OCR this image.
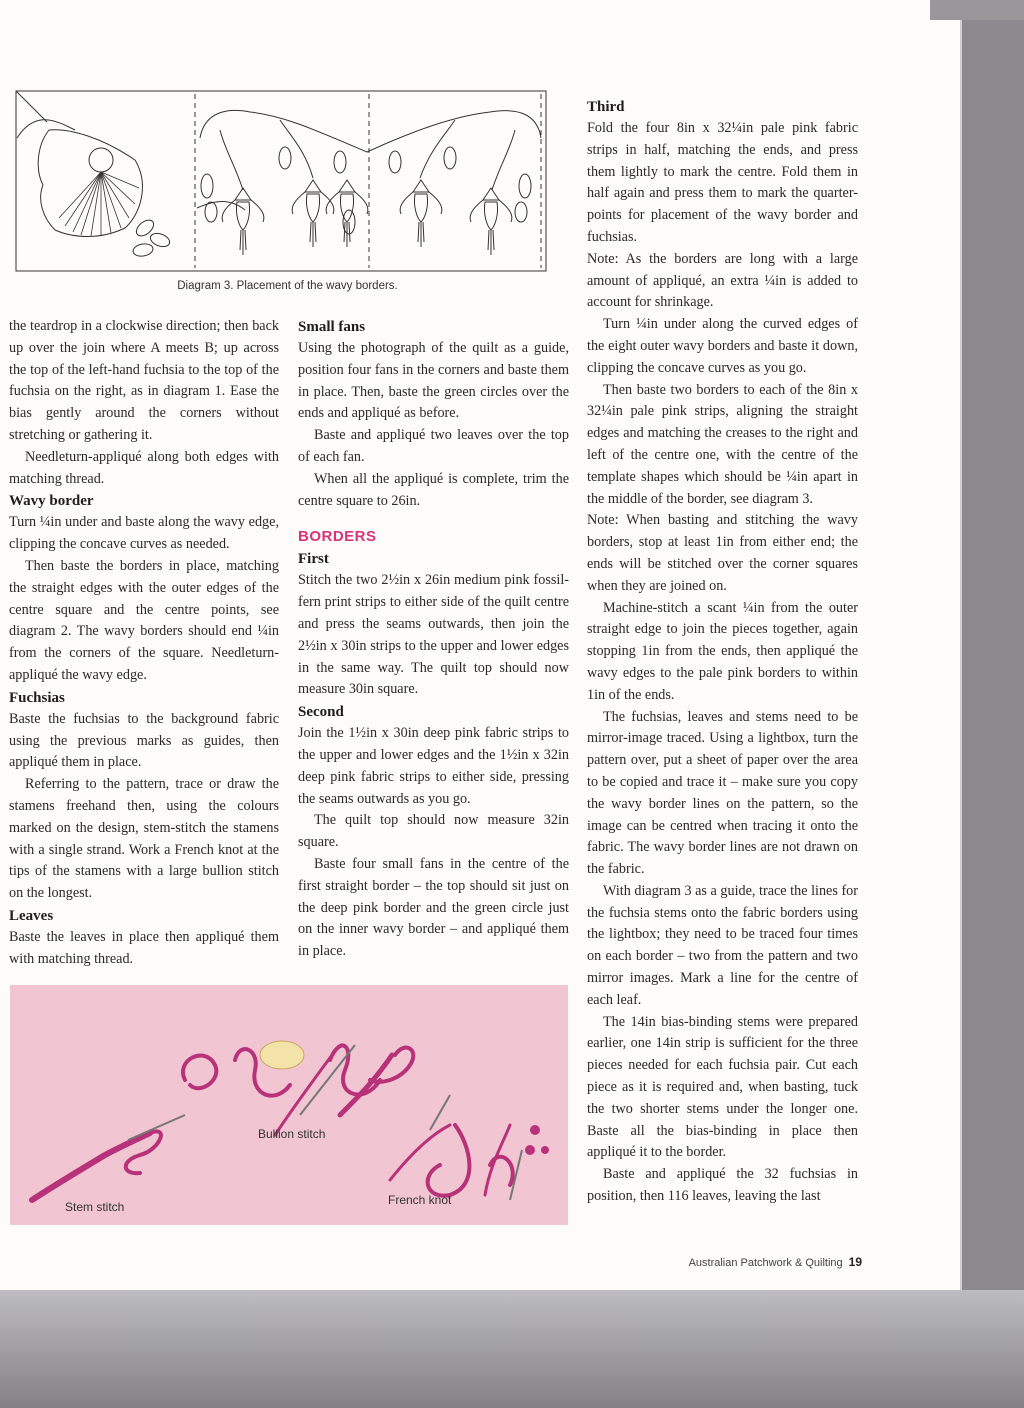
Diagram 3. Placement of the wavy borders.

the teardrop in a clockwise direction; then back up over the join where A meets B; up across the top of the left-hand fuchsia to the top of the fuchsia on the right, as in diagram 1. Ease the bias gently around the corners without stretching or gathering it.

Needleturn-appliqué along both edges with matching thread.

Wavy border

Turn ¼in under and baste along the wavy edge, clipping the concave curves as needed.

Then baste the borders in place, matching the straight edges with the outer edges of the centre square and the centre points, see diagram 2. The wavy borders should end ¼in from the corners of the square. Needleturn-appliqué the wavy edge.

Fuchsias

Baste the fuchsias to the background fabric using the previous marks as guides, then appliqué them in place.

Referring to the pattern, trace or draw the stamens freehand then, using the colours marked on the design, stem-stitch the stamens with a single strand. Work a French knot at the tips of the stamens with a large bullion stitch on the longest.

Leaves

Baste the leaves in place then appliqué them with matching thread.

Small fans

Using the photograph of the quilt as a guide, position four fans in the corners and baste them in place. Then, baste the green circles over the ends and appliqué as before.

Baste and appliqué two leaves over the top of each fan.

When all the appliqué is complete, trim the centre square to 26in.

BORDERS
First

Stitch the two 2½in x 26in medium pink fossil-fern print strips to either side of the quilt centre and press the seams outwards, then join the 2½in x 30in strips to the upper and lower edges in the same way. The quilt top should now measure 30in square.

Second

Join the 1½in x 30in deep pink fabric strips to the upper and lower edges and the 1½in x 32in deep pink fabric strips to either side, pressing the seams outwards as you go.

The quilt top should now measure 32in square.

Baste four small fans in the centre of the first straight border – the top should sit just on the deep pink border and the green circle just on the inner wavy border – and appliqué them in place.

Third

Fold the four 8in x 32¼in pale pink fabric strips in half, matching the ends, and press them lightly to mark the centre. Fold them in half again and press them to mark the quarter-points for placement of the wavy border and fuchsias.

Note: As the borders are long with a large amount of appliqué, an extra ¼in is added to account for shrinkage.

Turn ¼in under along the curved edges of the eight outer wavy borders and baste it down, clipping the concave curves as you go.

Then baste two borders to each of the 8in x 32¼in pale pink strips, aligning the straight edges and matching the creases to the right and left of the centre one, with the centre of the template shapes which should be ¼in apart in the middle of the border, see diagram 3.

Note: When basting and stitching the wavy borders, stop at least 1in from either end; the ends will be stitched over the corner squares when they are joined on.

Machine-stitch a scant ¼in from the outer straight edge to join the pieces together, again stopping 1in from the ends, then appliqué the wavy edges to the pale pink borders to within 1in of the ends.

The fuchsias, leaves and stems need to be mirror-image traced. Using a lightbox, turn the pattern over, put a sheet of paper over the area to be copied and trace it – make sure you copy the wavy border lines on the pattern, so the image can be centred when tracing it onto the fabric. The wavy border lines are not drawn on the fabric.

With diagram 3 as a guide, trace the lines for the fuchsia stems onto the fabric borders using the lightbox; they need to be traced four times on each border – two from the pattern and two mirror images. Mark a line for the centre of each leaf.

The 14in bias-binding stems were prepared earlier, one 14in strip is sufficient for the three pieces needed for each fuchsia pair. Cut each piece as it is required and, when basting, tuck the two shorter stems under the longer one. Baste all the bias-binding in place then appliqué it to the border.

Baste and appliqué the 32 fuchsias in position, then 116 leaves, leaving the last

Stem stitch
Bullion stitch
French knot
Australian Patchwork & Quilting 19
